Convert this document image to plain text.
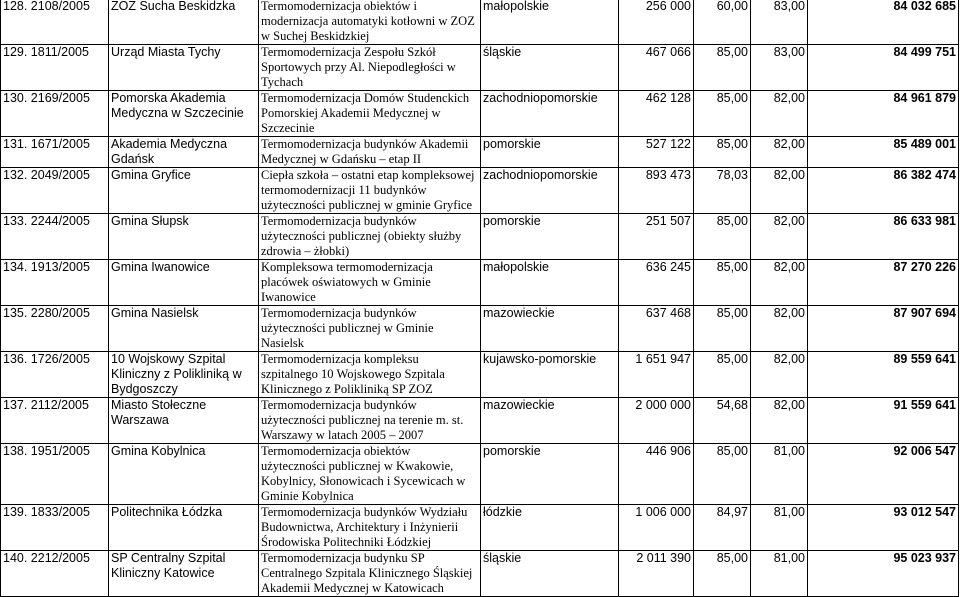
128. 2108/2005	ZOZ Sucha Beskidzka	Termomodernizacja obiektów i modernizacja automatyki kotłowni w ZOZ w Suchej Beskidzkiej	małopolskie	256 000	60,00	83,00	84 032 685
129. 1811/2005	Urząd Miasta Tychy	Termomodernizacja Zespołu Szkół Sportowych przy Al. Niepodległości w Tychach	śląskie	467 066	85,00	83,00	84 499 751
130. 2169/2005	Pomorska Akademia Medyczna w Szczecinie	Termomodernizacja Domów Studenckich Pomorskiej Akademii Medycznej w Szczecinie	zachodniopomorskie	462 128	85,00	82,00	84 961 879
131. 1671/2005	Akademia Medyczna Gdańsk	Termomodernizacja budynków Akademii Medycznej w Gdańsku – etap II	pomorskie	527 122	85,00	82,00	85 489 001
132. 2049/2005	Gmina Gryfice	Ciepła szkoła – ostatni etap kompleksowej termomodernizacji 11 budynków użyteczności publicznej w gminie Gryfice	zachodniopomorskie	893 473	78,03	82,00	86 382 474
133. 2244/2005	Gmina Słupsk	Termomodernizacja budynków użyteczności publicznej (obiekty służby zdrowia – żłobki)	pomorskie	251 507	85,00	82,00	86 633 981
134. 1913/2005	Gmina Iwanowice	Kompleksowa termomodernizacja placówek oświatowych w Gminie Iwanowice	małopolskie	636 245	85,00	82,00	87 270 226
135. 2280/2005	Gmina Nasielsk	Termomodernizacja budynków użyteczności publicznej w Gminie Nasielsk	mazowieckie	637 468	85,00	82,00	87 907 694
136. 1726/2005	10 Wojskowy Szpital Kliniczny z Polikliniką w Bydgoszczy	Termomodernizacja kompleksu szpitalnego 10 Wojskowego Szpitala Klinicznego z Polikliniką SP ZOZ	kujawsko-pomorskie	1 651 947	85,00	82,00	89 559 641
137. 2112/2005	Miasto Stołeczne Warszawa	Termomodernizacja budynków użyteczności publicznej na terenie m. st. Warszawy w latach 2005 – 2007	mazowieckie	2 000 000	54,68	82,00	91 559 641
138. 1951/2005	Gmina Kobylnica	Termomodernizacja obiektów użyteczności publicznej w Kwakowie, Kobylnicy, Słonowicach i Sycewicach w Gminie Kobylnica	pomorskie	446 906	85,00	81,00	92 006 547
139. 1833/2005	Politechnika Łódzka	Termomodernizacja budynków Wydziału Budownictwa, Architektury i Inżynierii Środowiska Politechniki Łódzkiej	łódzkie	1 006 000	84,97	81,00	93 012 547
140. 2212/2005	SP Centralny Szpital Kliniczny Katowice	Termomodernizacja budynku SP Centralnego Szpitala Klinicznego Śląskiej Akademii Medycznej w Katowicach	śląskie	2 011 390	85,00	81,00	95 023 937
